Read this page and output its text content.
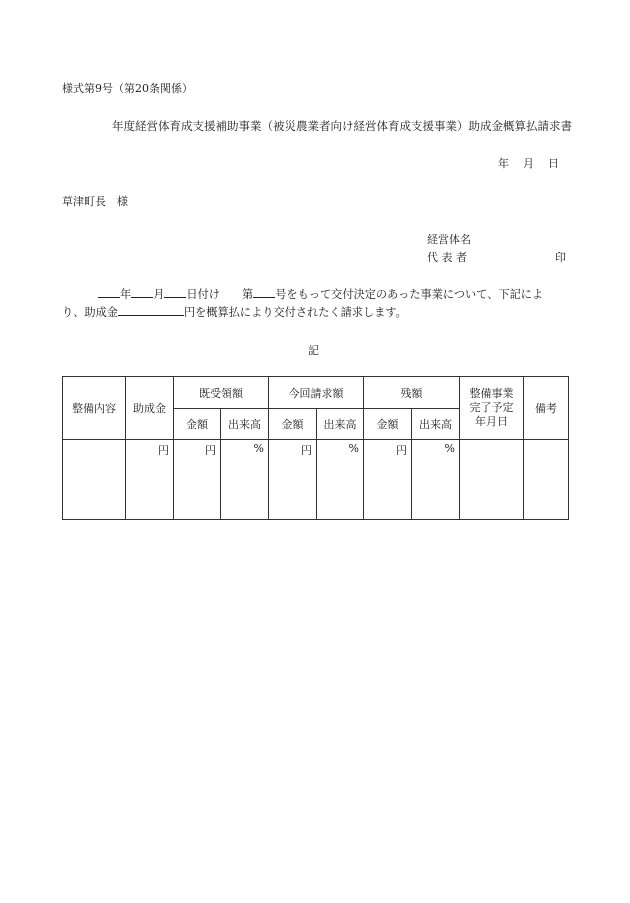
様式第9号（第20条関係）
年度経営体育成支援補助事業（被災農業者向け経営体育成支援事業）助成金概算払請求書
年 月 日
草津町長　様
経営体名
代 表 者	印
年 月 日付け 第 号をもって交付決定のあった事業について、下記によ
り、助成金	円を概算払により交付されたく請求します。
記
整備内容	助成金	既受領額		今回請求額		残額		整備事業
完了予定
年月日	備考
		金額	出来高	金額	出来高	金額	出来高		
	円	円	%	円	%	円	%		
